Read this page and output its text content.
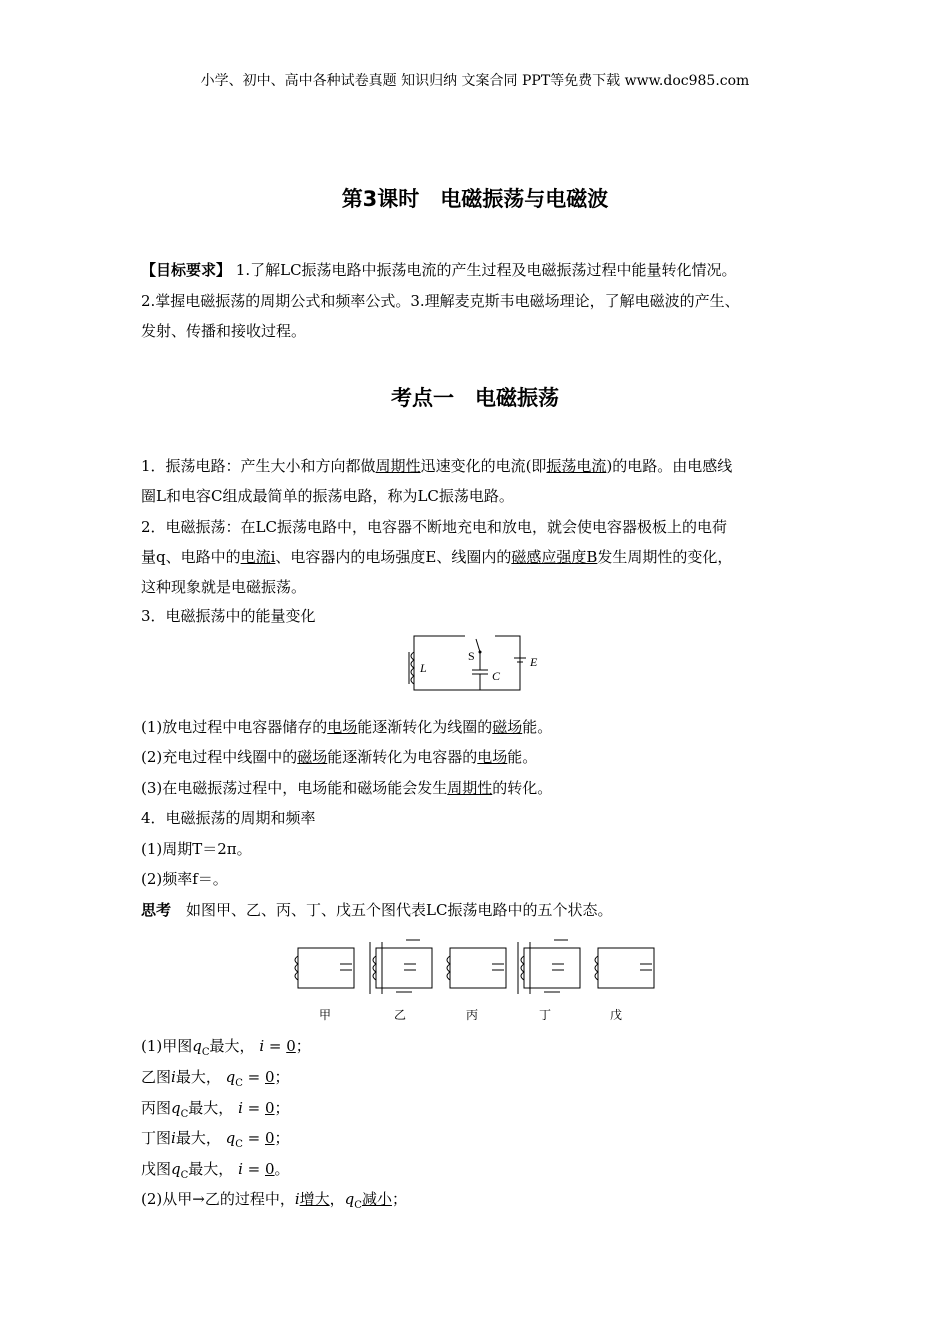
小学、初中、高中各种试卷真题 知识归纳 文案合同 PPT等免费下载 www.doc985.com
第3课时　电磁振荡与电磁波
【目标要求】 1.了解LC振荡电路中振荡电流的产生过程及电磁振荡过程中能量转化情况。
2.掌握电磁振荡的周期公式和频率公式。3.理解麦克斯韦电磁场理论，了解电磁波的产生、
发射、传播和接收过程。
考点一　电磁振荡
1．振荡电路：产生大小和方向都做周期性迅速变化的电流(即振荡电流)的电路。由电感线
圈L和电容C组成最简单的振荡电路，称为LC振荡电路。
2．电磁振荡：在LC振荡电路中，电容器不断地充电和放电，就会使电容器极板上的电荷
量q、电路中的电流i、电容器内的电场强度E、线圈内的磁感应强度B发生周期性的变化，
这种现象就是电磁振荡。
3．电磁振荡中的能量变化
S
L
C
E
(1)放电过程中电容器储存的电场能逐渐转化为线圈的磁场能。
(2)充电过程中线圈中的磁场能逐渐转化为电容器的电场能。
(3)在电磁振荡过程中，电场能和磁场能会发生周期性的转化。
4．电磁振荡的周期和频率
(1)周期T＝2π。
(2)频率f＝。
思考　如图甲、乙、丙、丁、戊五个图代表LC振荡电路中的五个状态。
甲	乙	丙	丁	戊
(1)甲图$q_C$最大， i = 0；
乙图i最大， $q_C = 0$；
丙图$q_C$最大， i = 0；
丁图i最大， $q_C = 0$；
戊图$q_C$最大， i = 0。
(2)从甲→乙的过程中，i增大，$q_C$减小；
